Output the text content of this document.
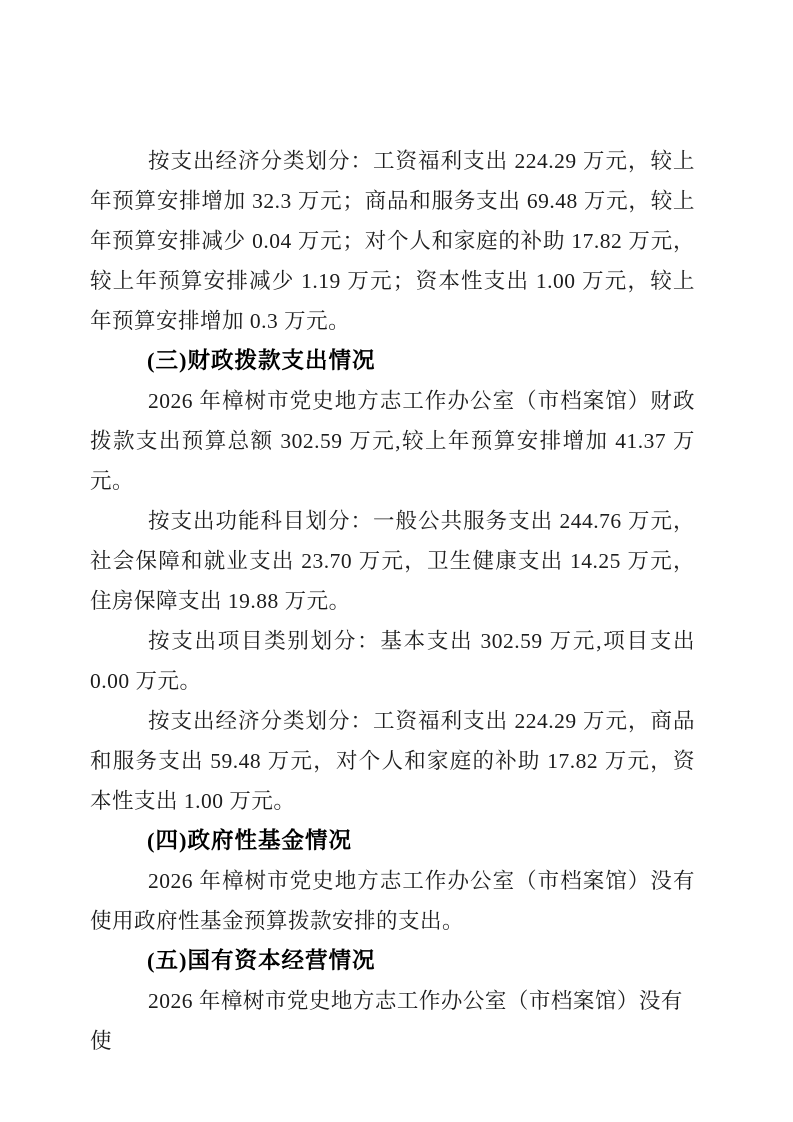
按支出经济分类划分：工资福利支出 224.29 万元，较上年预算安排增加 32.3 万元；商品和服务支出 69.48 万元，较上年预算安排减少 0.04 万元；对个人和家庭的补助 17.82 万元，较上年预算安排减少 1.19 万元；资本性支出 1.00 万元，较上年预算安排增加 0.3 万元。

(三)财政拨款支出情况

2026 年樟树市党史地方志工作办公室（市档案馆）财政拨款支出预算总额 302.59 万元,较上年预算安排增加 41.37 万元。

按支出功能科目划分：一般公共服务支出 244.76 万元，社会保障和就业支出 23.70 万元，卫生健康支出 14.25 万元，住房保障支出 19.88 万元。

按支出项目类别划分：基本支出 302.59 万元,项目支出 0.00 万元。

按支出经济分类划分：工资福利支出 224.29 万元，商品和服务支出 59.48 万元，对个人和家庭的补助 17.82 万元，资本性支出 1.00 万元。

(四)政府性基金情况

2026 年樟树市党史地方志工作办公室（市档案馆）没有使用政府性基金预算拨款安排的支出。

(五)国有资本经营情况

2026 年樟树市党史地方志工作办公室（市档案馆）没有使
